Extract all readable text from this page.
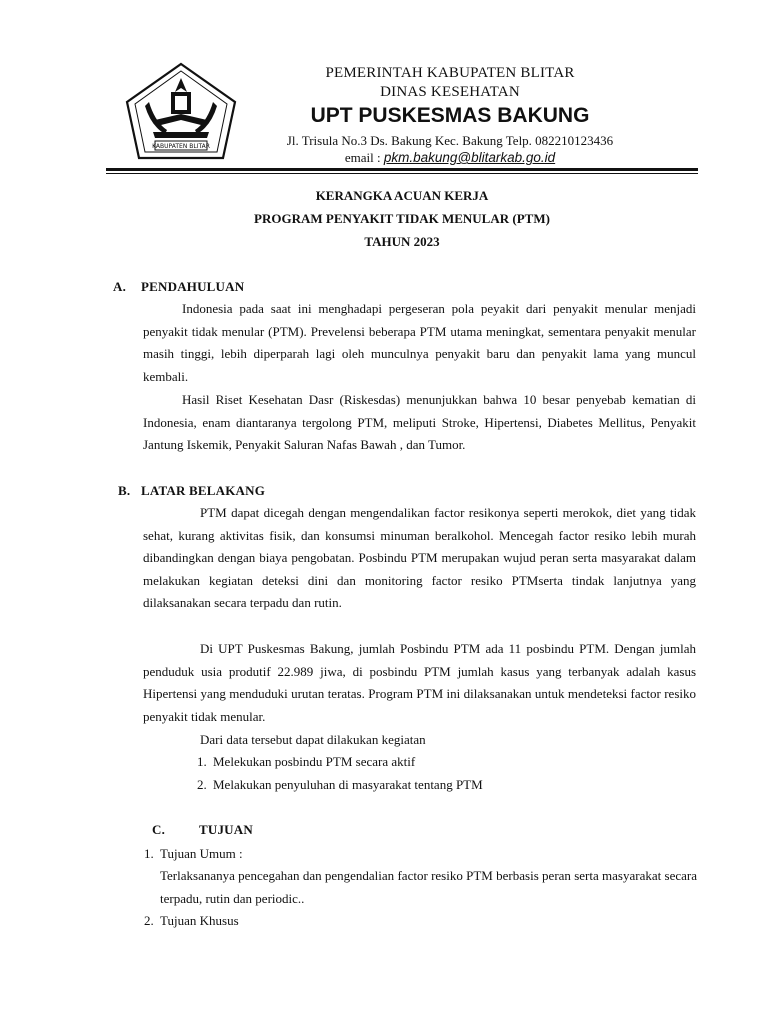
KABUPATEN BLITAR
PEMERINTAH KABUPATEN BLITAR
DINAS KESEHATAN
UPT PUSKESMAS BAKUNG
Jl. Trisula No.3 Ds. Bakung Kec. Bakung Telp. 082210123436
email : pkm.bakung@blitarkab.go.id
KERANGKA ACUAN KERJA
PROGRAM PENYAKIT TIDAK MENULAR (PTM)
TAHUN 2023
A. PENDAHULUAN
Indonesia pada saat ini menghadapi pergeseran pola peyakit dari penyakit menular menjadi penyakit tidak menular (PTM). Prevelensi beberapa PTM utama meningkat, sementara penyakit menular masih tinggi, lebih diperparah lagi oleh munculnya penyakit baru dan penyakit lama yang muncul kembali.
Hasil Riset Kesehatan Dasr (Riskesdas) menunjukkan bahwa 10 besar penyebab kematian di Indonesia, enam diantaranya tergolong PTM, meliputi Stroke, Hipertensi, Diabetes Mellitus, Penyakit Jantung Iskemik, Penyakit Saluran Nafas Bawah , dan Tumor.
B. LATAR BELAKANG
PTM dapat dicegah dengan mengendalikan factor resikonya seperti merokok, diet yang tidak sehat, kurang aktivitas fisik, dan konsumsi minuman beralkohol. Mencegah factor resiko lebih murah dibandingkan dengan biaya pengobatan. Posbindu PTM merupakan wujud peran serta masyarakat dalam melakukan kegiatan deteksi dini dan monitoring factor resiko PTMserta tindak lanjutnya yang dilaksanakan secara terpadu dan rutin.
Di UPT Puskesmas Bakung, jumlah Posbindu PTM ada 11 posbindu PTM. Dengan jumlah penduduk usia produtif 22.989 jiwa, di posbindu PTM jumlah kasus yang terbanyak adalah kasus Hipertensi yang menduduki urutan teratas. Program PTM ini dilaksanakan untuk mendeteksi factor resiko penyakit tidak menular.
Dari data tersebut dapat dilakukan kegiatan
1. Melekukan posbindu PTM secara aktif
2. Melakukan penyuluhan di masyarakat tentang PTM
C.	TUJUAN
1. Tujuan Umum :
Terlaksananya pencegahan dan pengendalian factor resiko PTM berbasis peran serta masyarakat secara terpadu, rutin dan periodic..
2. Tujuan Khusus
